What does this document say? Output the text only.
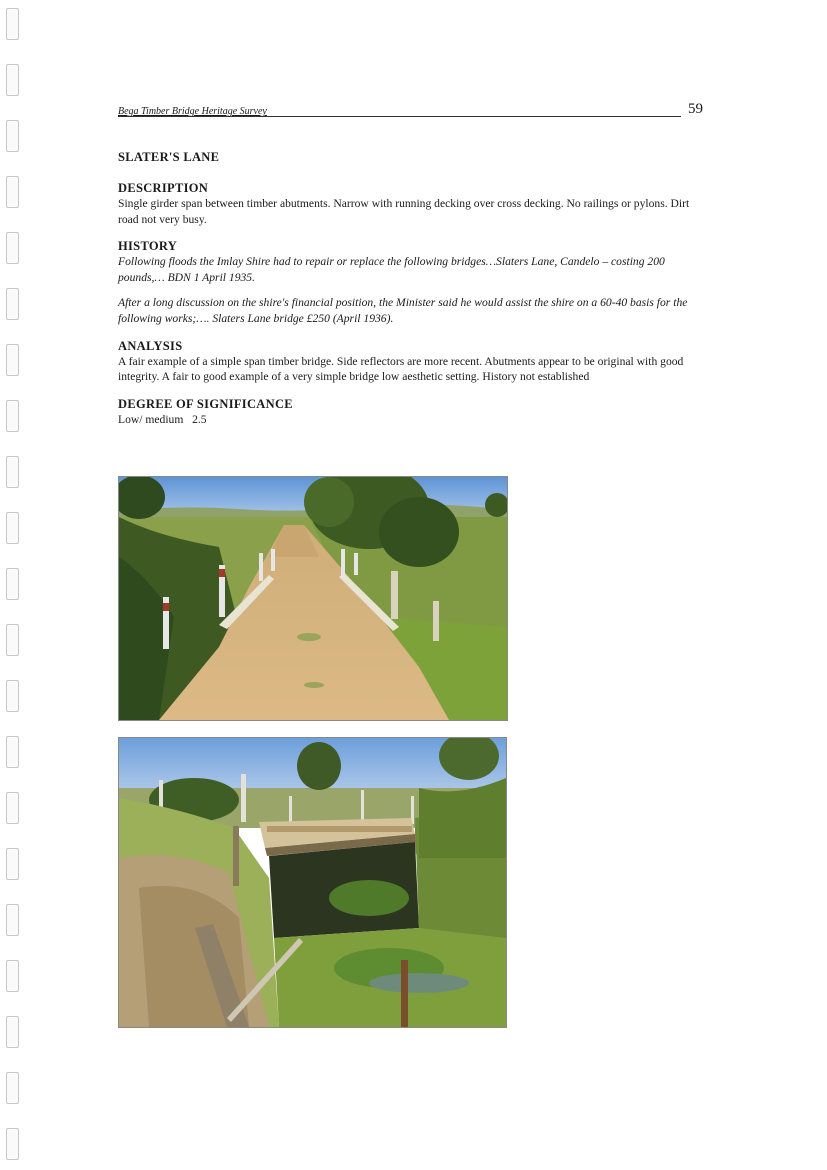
Bega Timber Bridge Heritage Survey	59
SLATER'S LANE
DESCRIPTION

Single girder span between timber abutments. Narrow with running decking over cross decking. No railings or pylons. Dirt road not very busy.

HISTORY

Following floods the Imlay Shire had to repair or replace the following bridges…Slaters Lane, Candelo – costing 200 pounds,… BDN 1 April 1935.

After a long discussion on the shire's financial position, the Minister said he would assist the shire on a 60-40 basis for the following works;…. Slaters Lane bridge £250 (April 1936).

ANALYSIS

A fair example of a simple span timber bridge. Side reflectors are more recent. Abutments appear to be original with good integrity. A fair to good example of a very simple bridge low aesthetic setting. History not established

DEGREE OF SIGNIFICANCE

Low/ medium   2.5
